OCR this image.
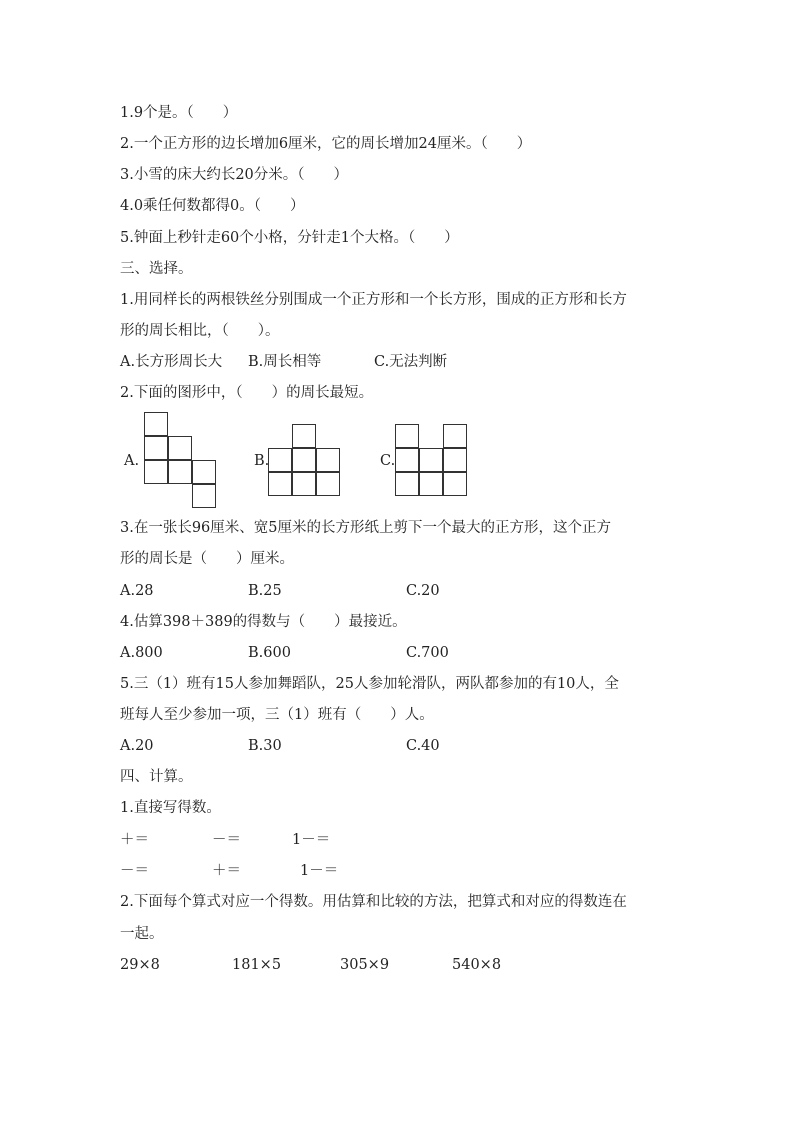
1.9个是。（　　）
2.一个正方形的边长增加6厘米，它的周长增加24厘米。（　　）
3.小雪的床大约长20分米。（　　）
4.0乘任何数都得0。（　　）
5.钟面上秒针走60个小格，分针走1个大格。（　　）
三、选择。
1.用同样长的两根铁丝分别围成一个正方形和一个长方形，围成的正方形和长方
形的周长相比，（　　）。
A.长方形周长大 B.周长相等	C.无法判断
2.下面的图形中，（　　）的周长最短。
A.	B.	C.
3.在一张长96厘米、宽5厘米的长方形纸上剪下一个最大的正方形，这个正方
形的周长是（　　）厘米。
A.28	B.25	C.20
4.估算398＋389的得数与（　　）最接近。
A.800	B.600	C.700
5.三（1）班有15人参加舞蹈队，25人参加轮滑队，两队都参加的有10人，全
班每人至少参加一项，三（1）班有（　　）人。
A.20	B.30	C.40
四、计算。
1.直接写得数。
＋＝	－＝	1－＝
－＝	＋＝	1－＝
2.下面每个算式对应一个得数。用估算和比较的方法，把算式和对应的得数连在
一起。
29×8	181×5	305×9	540×8
